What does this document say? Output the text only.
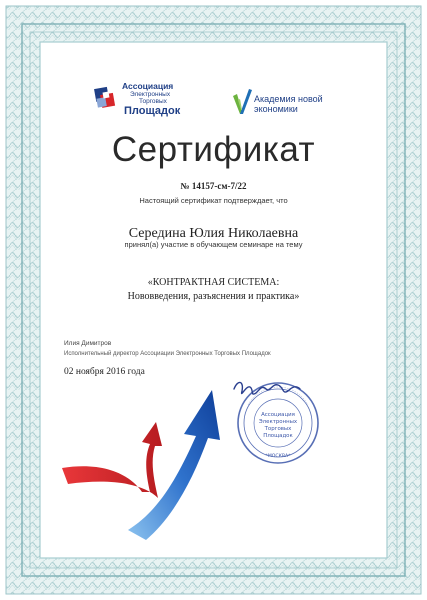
Ассоциация
Электронных
Торговых
Площадок
Академия новой
экономики
Сертификат
№ 14157-см-7/22
Настоящий сертификат подтверждает, что
Середина Юлия Николаевна
принял(а) участие в обучающем семинаре на тему
«КОНТРАКТНАЯ СИСТЕМА:
Нововведения, разъяснения и практика»
Илия Димитров
Исполнительный директор Ассоциации Электронных Торговых Площадок
02 ноября 2016 года
Ассоциация
Электронных
Торговых
Площадок
*МОСКВА*
